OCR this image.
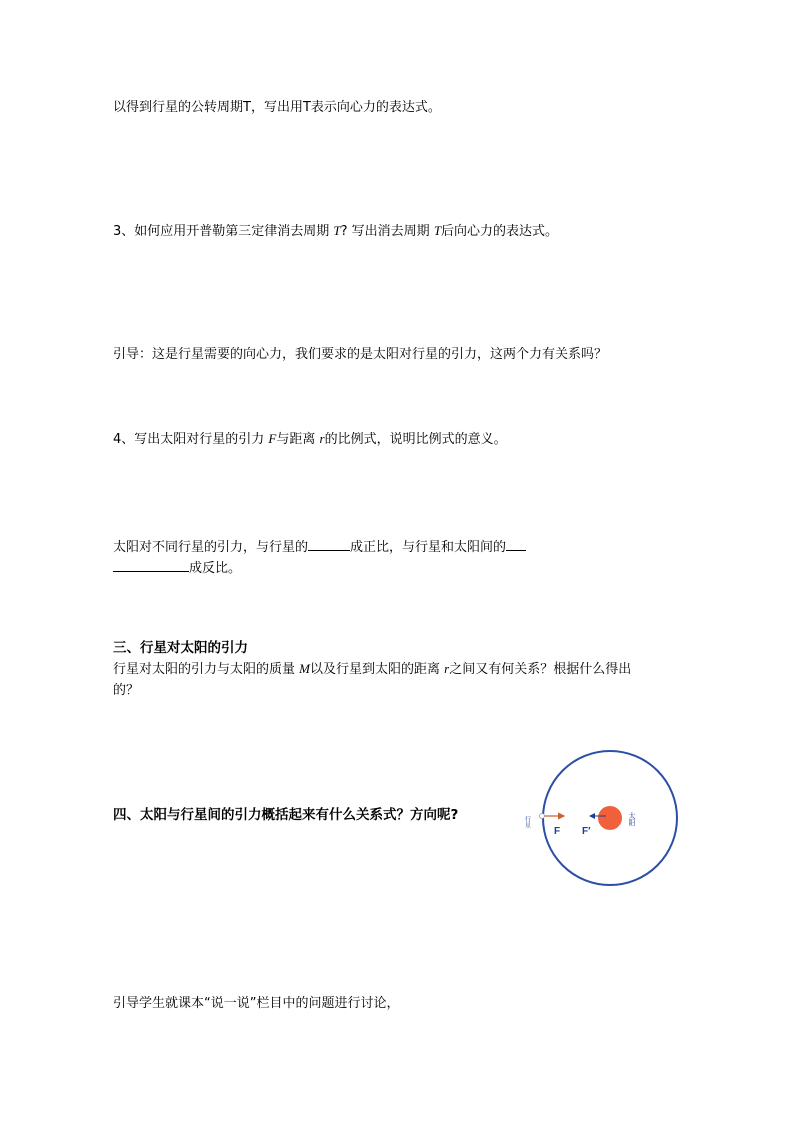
以得到行星的公转周期T，写出用T表示向心力的表达式。
3、如何应用开普勒第三定律消去周期 T? 写出消去周期 T后向心力的表达式。
引导：这是行星需要的向心力，我们要求的是太阳对行星的引力，这两个力有关系吗？
4、写出太阳对行星的引力 F与距离 r的比例式，说明比例式的意义。
太阳对不同行星的引力，与行星的	成正比，与行星和太阳间的
成反比。
三、行星对太阳的引力
行星对太阳的引力与太阳的质量 M以及行星到太阳的距离 r之间又有何关系？根据什么得出
的？
四、太阳与行星间的引力概括起来有什么关系式？方向呢?
引导学生就课本“说一说”栏目中的问题进行讨论，
F F′
行星	太阳
